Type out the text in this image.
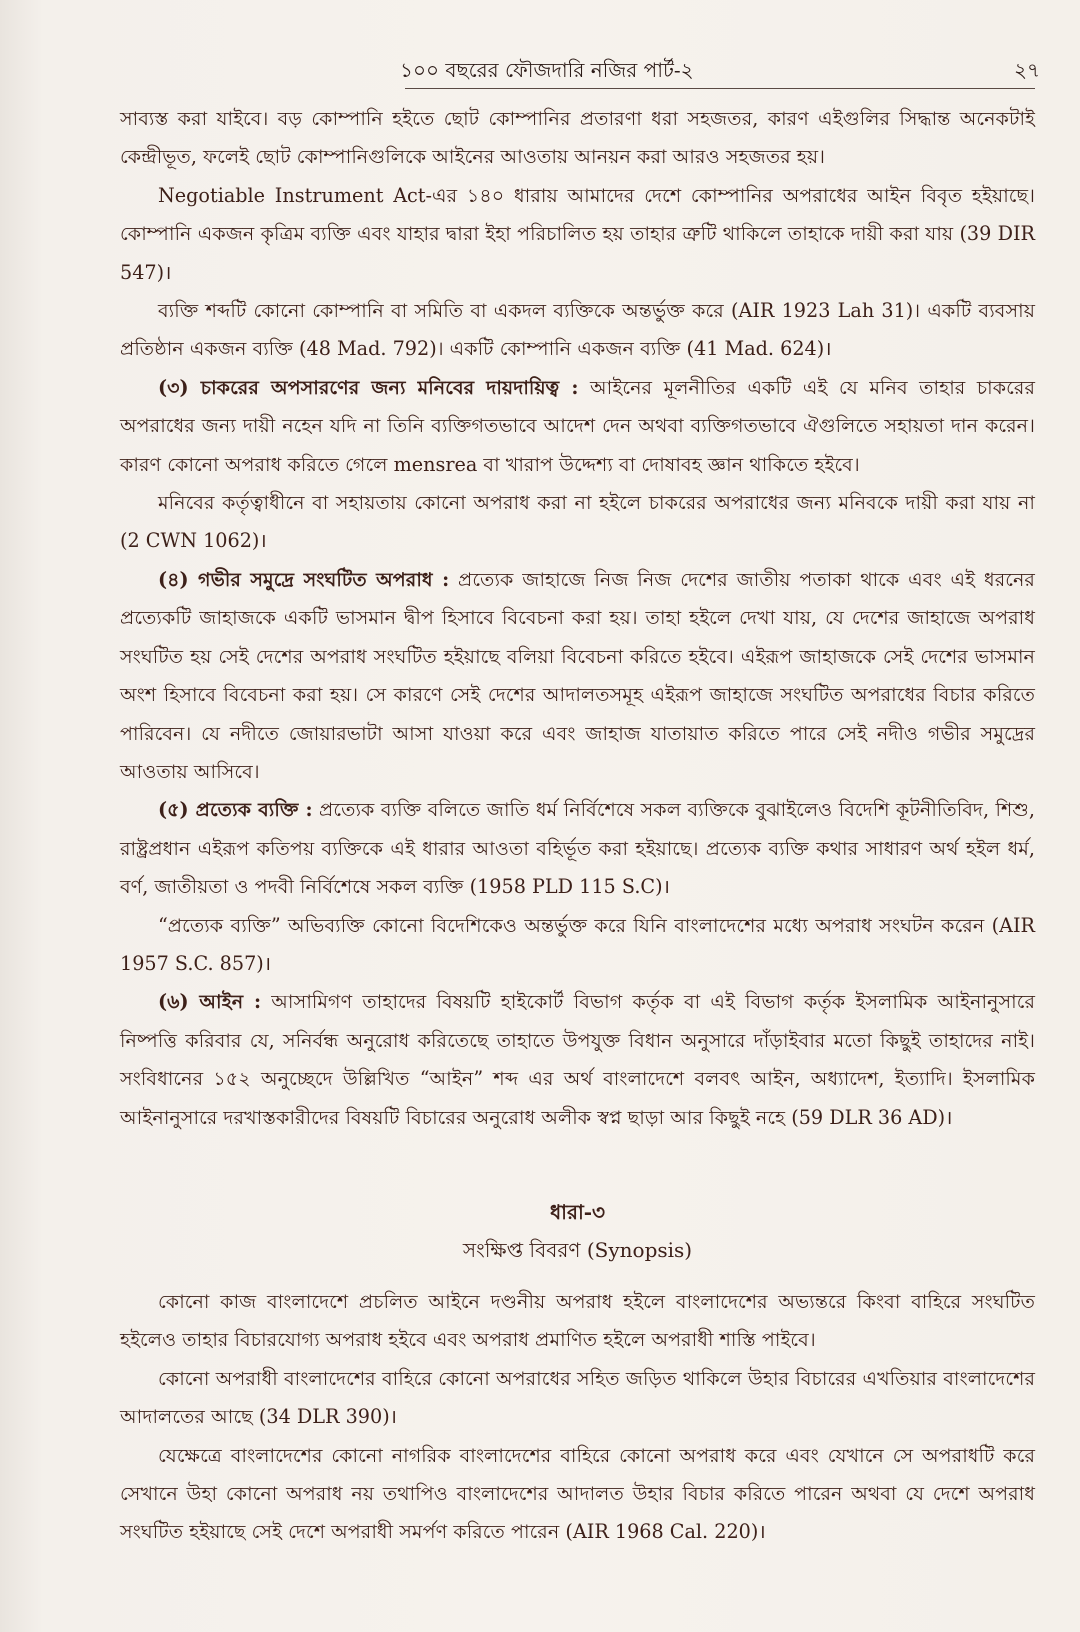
১০০ বছরের ফৌজদারি নজির পার্ট-২	২৭

সাব্যস্ত করা যাইবে। বড় কোম্পানি হইতে ছোট কোম্পানির প্রতারণা ধরা সহজতর, কারণ এইগুলির সিদ্ধান্ত অনেকটাই কেন্দ্রীভূত, ফলেই ছোট কোম্পানিগুলিকে আইনের আওতায় আনয়ন করা আরও সহজতর হয়।

Negotiable Instrument Act-এর ১৪০ ধারায় আমাদের দেশে কোম্পানির অপরাধের আইন বিবৃত হইয়াছে। কোম্পানি একজন কৃত্রিম ব্যক্তি এবং যাহার দ্বারা ইহা পরিচালিত হয় তাহার ত্রুটি থাকিলে তাহাকে দায়ী করা যায় (39 DIR 547)।

ব্যক্তি শব্দটি কোনো কোম্পানি বা সমিতি বা একদল ব্যক্তিকে অন্তর্ভুক্ত করে (AIR 1923 Lah 31)। একটি ব্যবসায় প্রতিষ্ঠান একজন ব্যক্তি (48 Mad. 792)। একটি কোম্পানি একজন ব্যক্তি (41 Mad. 624)।

(৩) চাকরের অপসারণের জন্য মনিবের দায়দায়িত্ব : আইনের মূলনীতির একটি এই যে মনিব তাহার চাকরের অপরাধের জন্য দায়ী নহেন যদি না তিনি ব্যক্তিগতভাবে আদেশ দেন অথবা ব্যক্তিগতভাবে ঐগুলিতে সহায়তা দান করেন। কারণ কোনো অপরাধ করিতে গেলে mensrea বা খারাপ উদ্দেশ্য বা দোষাবহ জ্ঞান থাকিতে হইবে।

মনিবের কর্তৃত্বাধীনে বা সহায়তায় কোনো অপরাধ করা না হইলে চাকরের অপরাধের জন্য মনিবকে দায়ী করা যায় না (2 CWN 1062)।

(৪) গভীর সমুদ্রে সংঘটিত অপরাধ : প্রত্যেক জাহাজে নিজ নিজ দেশের জাতীয় পতাকা থাকে এবং এই ধরনের প্রত্যেকটি জাহাজকে একটি ভাসমান দ্বীপ হিসাবে বিবেচনা করা হয়। তাহা হইলে দেখা যায়, যে দেশের জাহাজে অপরাধ সংঘটিত হয় সেই দেশের অপরাধ সংঘটিত হইয়াছে বলিয়া বিবেচনা করিতে হইবে। এইরূপ জাহাজকে সেই দেশের ভাসমান অংশ হিসাবে বিবেচনা করা হয়। সে কারণে সেই দেশের আদালতসমূহ এইরূপ জাহাজে সংঘটিত অপরাধের বিচার করিতে পারিবেন। যে নদীতে জোয়ারভাটা আসা যাওয়া করে এবং জাহাজ যাতায়াত করিতে পারে সেই নদীও গভীর সমুদ্রের আওতায় আসিবে।

(৫) প্রত্যেক ব্যক্তি : প্রত্যেক ব্যক্তি বলিতে জাতি ধর্ম নির্বিশেষে সকল ব্যক্তিকে বুঝাইলেও বিদেশি কূটনীতিবিদ, শিশু, রাষ্ট্রপ্রধান এইরূপ কতিপয় ব্যক্তিকে এই ধারার আওতা বহির্ভূত করা হইয়াছে। প্রত্যেক ব্যক্তি কথার সাধারণ অর্থ হইল ধর্ম, বর্ণ, জাতীয়তা ও পদবী নির্বিশেষে সকল ব্যক্তি (1958 PLD 115 S.C)।

“প্রত্যেক ব্যক্তি” অভিব্যক্তি কোনো বিদেশিকেও অন্তর্ভুক্ত করে যিনি বাংলাদেশের মধ্যে অপরাধ সংঘটন করেন (AIR 1957 S.C. 857)।

(৬) আইন : আসামিগণ তাহাদের বিষয়টি হাইকোর্ট বিভাগ কর্তৃক বা এই বিভাগ কর্তৃক ইসলামিক আইনানুসারে নিষ্পত্তি করিবার যে, সনির্বন্ধ অনুরোধ করিতেছে তাহাতে উপযুক্ত বিধান অনুসারে দাঁড়াইবার মতো কিছুই তাহাদের নাই। সংবিধানের ১৫২ অনুচ্ছেদে উল্লিখিত “আইন” শব্দ এর অর্থ বাংলাদেশে বলবৎ আইন, অধ্যাদেশ, ইত্যাদি। ইসলামিক আইনানুসারে দরখাস্তকারীদের বিষয়টি বিচারের অনুরোধ অলীক স্বপ্ন ছাড়া আর কিছুই নহে (59 DLR 36 AD)।

ধারা-৩
সংক্ষিপ্ত বিবরণ (Synopsis)

কোনো কাজ বাংলাদেশে প্রচলিত আইনে দণ্ডনীয় অপরাধ হইলে বাংলাদেশের অভ্যন্তরে কিংবা বাহিরে সংঘটিত হইলেও তাহার বিচারযোগ্য অপরাধ হইবে এবং অপরাধ প্রমাণিত হইলে অপরাধী শাস্তি পাইবে।

কোনো অপরাধী বাংলাদেশের বাহিরে কোনো অপরাধের সহিত জড়িত থাকিলে উহার বিচারের এখতিয়ার বাংলাদেশের আদালতের আছে (34 DLR 390)।

যেক্ষেত্রে বাংলাদেশের কোনো নাগরিক বাংলাদেশের বাহিরে কোনো অপরাধ করে এবং যেখানে সে অপরাধটি করে সেখানে উহা কোনো অপরাধ নয় তথাপিও বাংলাদেশের আদালত উহার বিচার করিতে পারেন অথবা যে দেশে অপরাধ সংঘটিত হইয়াছে সেই দেশে অপরাধী সমর্পণ করিতে পারেন (AIR 1968 Cal. 220)।
